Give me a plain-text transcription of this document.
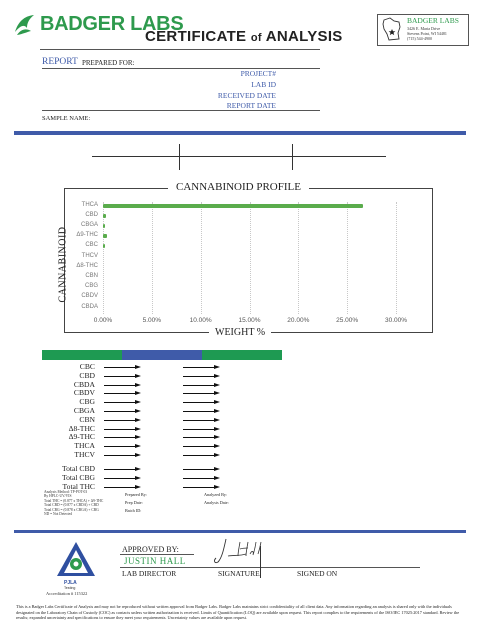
BADGER LABS
CERTIFICATE of ANALYSIS
BADGER LABS
3426 E. Maria Drive
Stevens Point, WI 54481
(715) 544-4900
REPORT PREPARED FOR:
PROJECT#
LAB ID
RECEIVED DATE
REPORT DATE
SAMPLE NAME:
CANNABINOID PROFILE
CANNABINOID
WEIGHT %
0.00%	5.00%	10.00%	15.00%	20.00%	25.00%	30.00%
THCA
CBD
CBGA
Δ9-THC
CBC
THCV
Δ8-THC
CBN
CBG
CBDV
CBDA
CBC
CBD
CBDA
CBDV
CBG
CBGA
CBN
Δ8-THC
Δ9-THC
THCA
THCV
Total CBD
Total CBG
Total THC
Analysis Method: TP-POT-03
By HPLC-UV/VIS
Total THC = (0.877 x THCA) + Δ9-THC
Total CBD = (0.877 x CBDA) + CBD
Total CBG = (0.878 x CBGA) + CBG
ND = Not Detected
Prepared By:
Prep Date:
Batch ID:
Analyzed By:
Analysis Date:
PJLA
Testing
Accreditation # 115322
APPROVED BY:
JUSTIN HALL
LAB DIRECTOR	SIGNATURE	SIGNED ON
This is a Badger Labs Certificate of Analysis and may not be reproduced without written approval from Badger Labs. Badger Labs maintains strict confidentiality of all client data. Any information regarding an analysis is shared only with the individuals designated on the Laboratory Chain of Custody (COC) as contacts unless written authorization is received. Limits of Quantification (LOQ) are available upon request. This report complies to the requirements of the ISO/IEC 17025:2017 standard. Review the results; expanded uncertainty and specifications to ensure they meet your requirements. Uncertainty values are available upon request.
